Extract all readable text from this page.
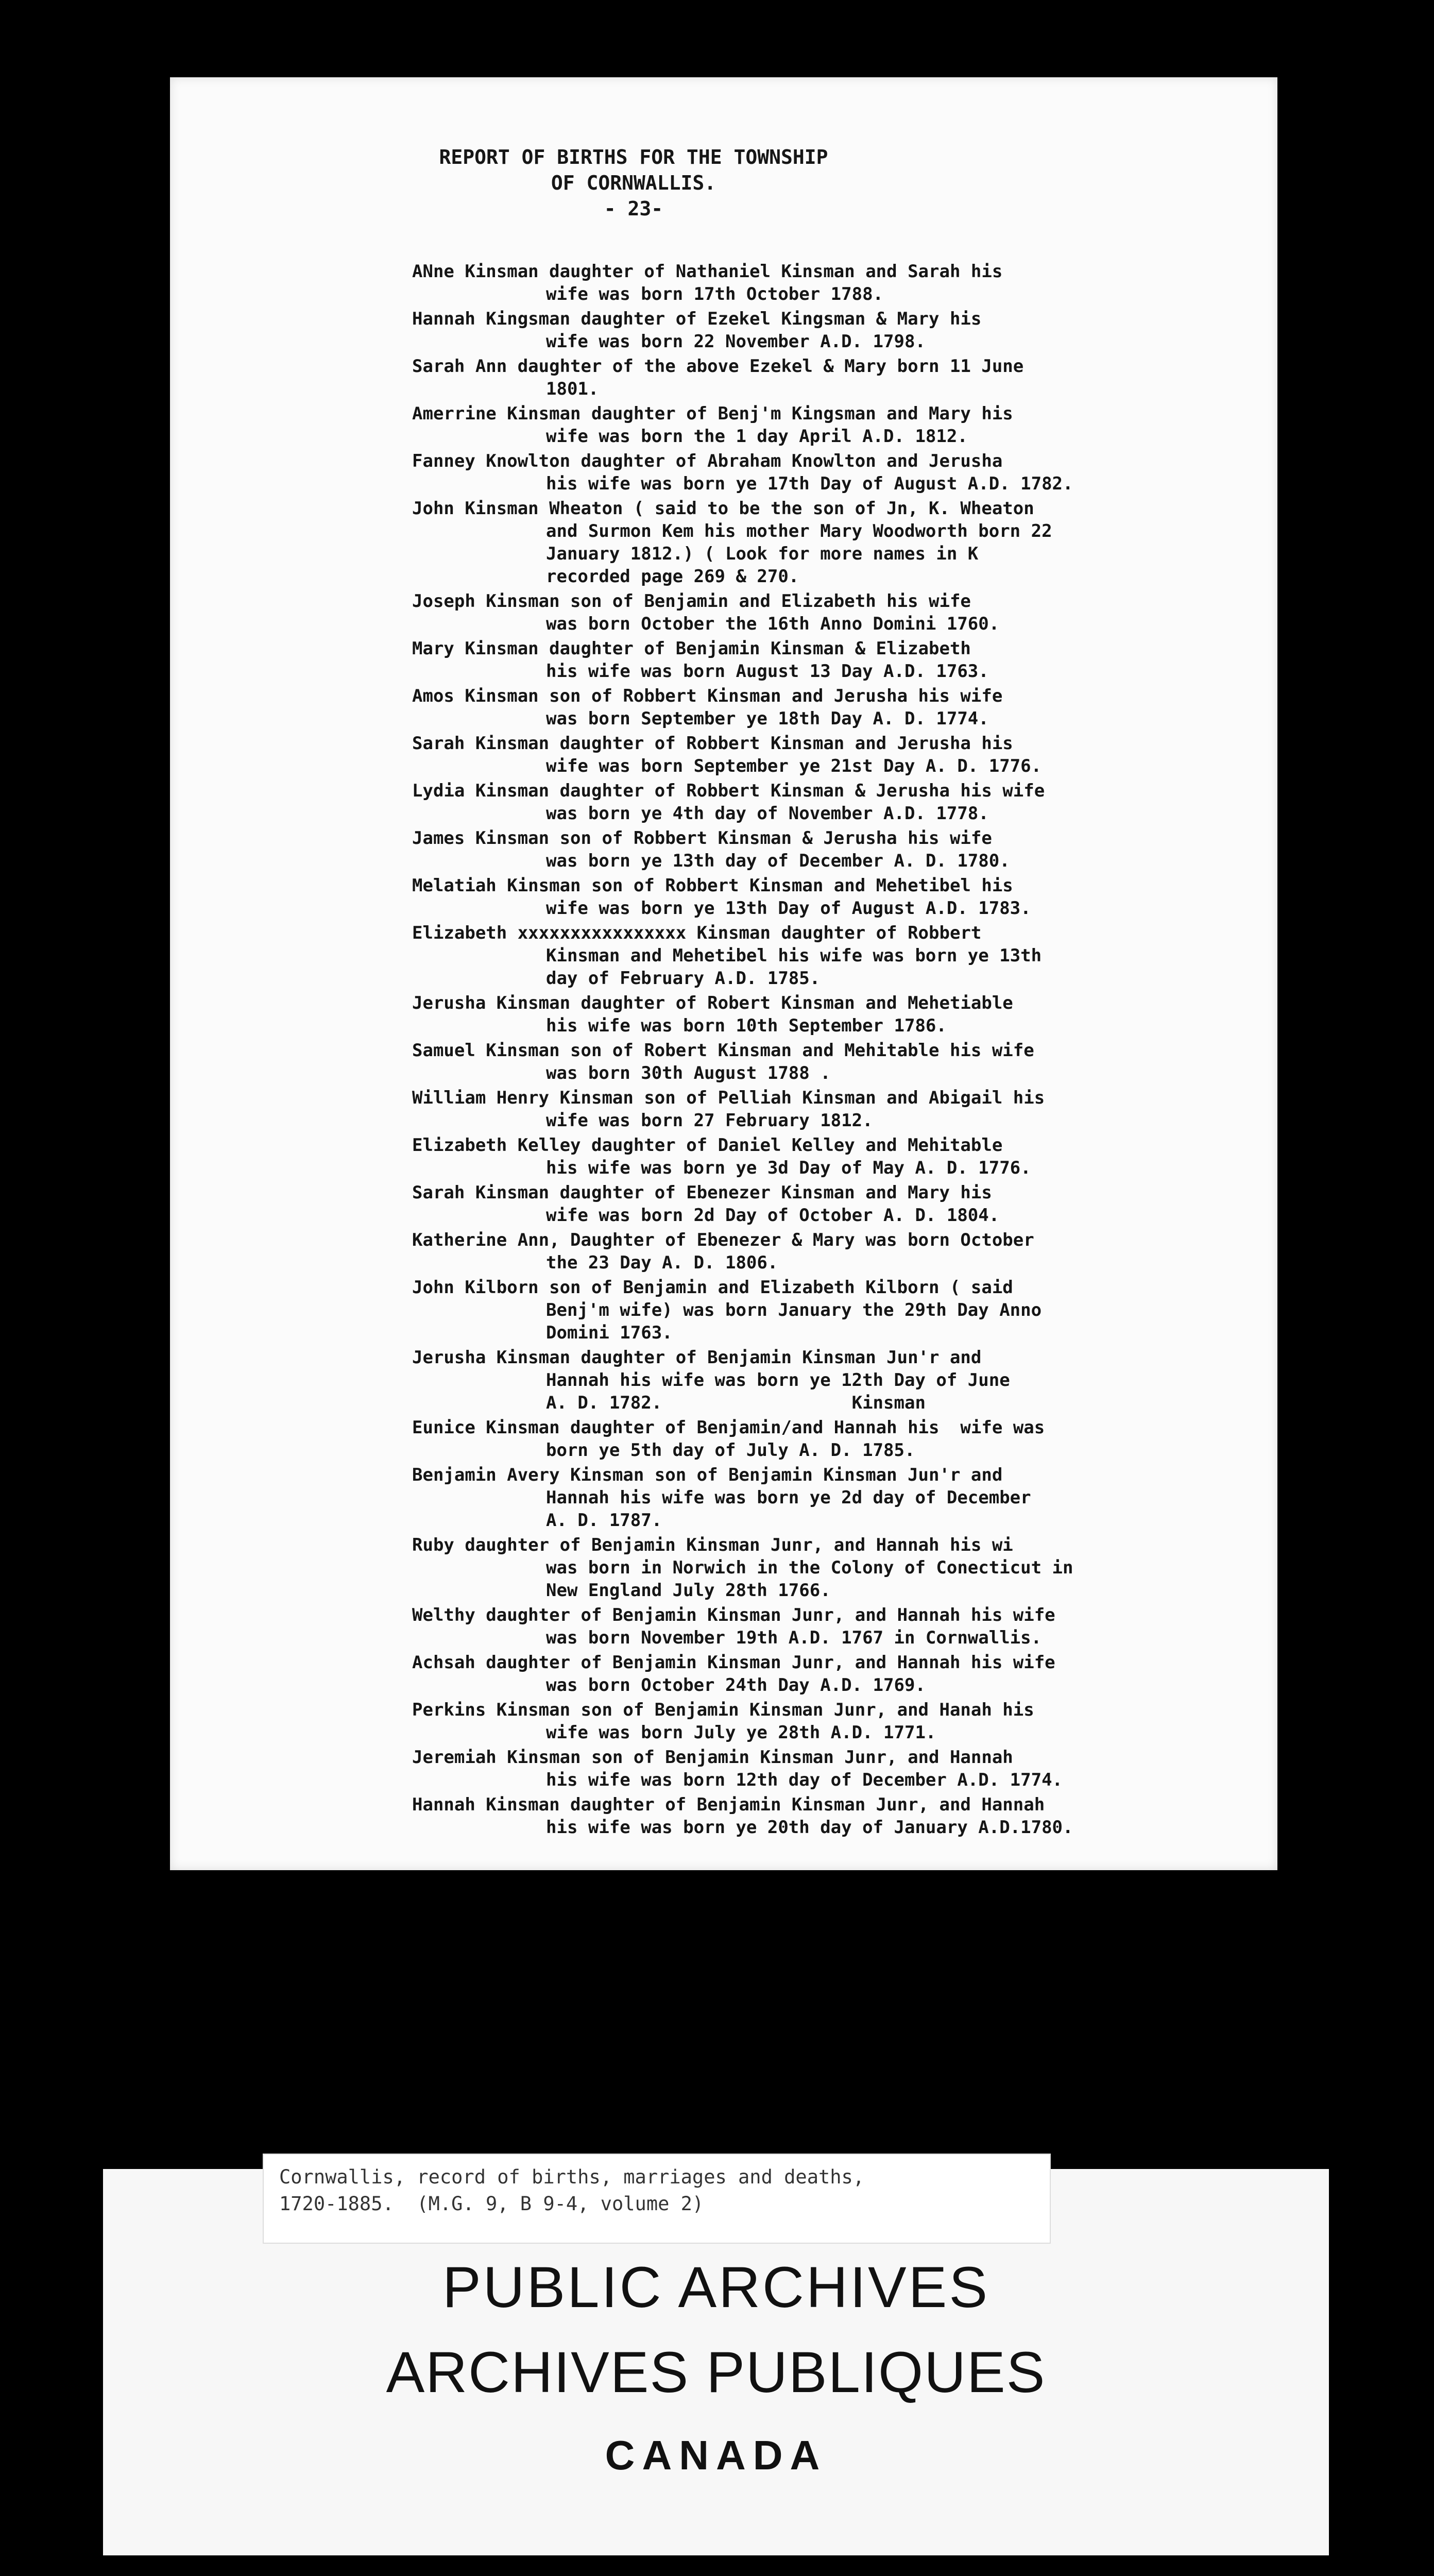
REPORT OF BIRTHS FOR THE TOWNSHIP
OF CORNWALLIS.
- 23-
ANne Kinsman daughter of Nathaniel Kinsman and Sarah his
wife was born 17th October 1788.
Hannah Kingsman daughter of Ezekel Kingsman & Mary his
wife was born 22 November A.D. 1798.
Sarah Ann daughter of the above Ezekel & Mary born 11 June
1801.
Amerrine Kinsman daughter of Benj'm Kingsman and Mary his
wife was born the 1 day April A.D. 1812.
Fanney Knowlton daughter of Abraham Knowlton and Jerusha
his wife was born ye 17th Day of August A.D. 1782.
John Kinsman Wheaton ( said to be the son of Jn, K. Wheaton
and Surmon Kem his mother Mary Woodworth born 22
January 1812.) ( Look for more names in K
recorded page 269 & 270.
Joseph Kinsman son of Benjamin and Elizabeth his wife
was born October the 16th Anno Domini 1760.
Mary Kinsman daughter of Benjamin Kinsman & Elizabeth
his wife was born August 13 Day A.D. 1763.
Amos Kinsman son of Robbert Kinsman and Jerusha his wife
was born September ye 18th Day A. D. 1774.
Sarah Kinsman daughter of Robbert Kinsman and Jerusha his
wife was born September ye 21st Day A. D. 1776.
Lydia Kinsman daughter of Robbert Kinsman & Jerusha his wife
was born ye 4th day of November A.D. 1778.
James Kinsman son of Robbert Kinsman & Jerusha his wife
was born ye 13th day of December A. D. 1780.
Melatiah Kinsman son of Robbert Kinsman and Mehetibel his
wife was born ye 13th Day of August A.D. 1783.
Elizabeth xxxxxxxxxxxxxxxx Kinsman daughter of Robbert
Kinsman and Mehetibel his wife was born ye 13th
day of February A.D. 1785.
Jerusha Kinsman daughter of Robert Kinsman and Mehetiable
his wife was born 10th September 1786.
Samuel Kinsman son of Robert Kinsman and Mehitable his wife
was born 30th August 1788 .
William Henry Kinsman son of Pelliah Kinsman and Abigail his
wife was born 27 February 1812.
Elizabeth Kelley daughter of Daniel Kelley and Mehitable
his wife was born ye 3d Day of May A. D. 1776.
Sarah Kinsman daughter of Ebenezer Kinsman and Mary his
wife was born 2d Day of October A. D. 1804.
Katherine Ann, Daughter of Ebenezer & Mary was born October
the 23 Day A. D. 1806.
John Kilborn son of Benjamin and Elizabeth Kilborn ( said
Benj'm wife) was born January the 29th Day Anno
Domini 1763.
Jerusha Kinsman daughter of Benjamin Kinsman Jun'r and
Hannah his wife was born ye 12th Day of June
A. D. 1782.                  Kinsman
Eunice Kinsman daughter of Benjamin/and Hannah his  wife was
born ye 5th day of July A. D. 1785.
Benjamin Avery Kinsman son of Benjamin Kinsman Jun'r and
Hannah his wife was born ye 2d day of December
A. D. 1787.
Ruby daughter of Benjamin Kinsman Junr, and Hannah his wi
was born in Norwich in the Colony of Conecticut in
New England July 28th 1766.
Welthy daughter of Benjamin Kinsman Junr, and Hannah his wife
was born November 19th A.D. 1767 in Cornwallis.
Achsah daughter of Benjamin Kinsman Junr, and Hannah his wife
was born October 24th Day A.D. 1769.
Perkins Kinsman son of Benjamin Kinsman Junr, and Hanah his
wife was born July ye 28th A.D. 1771.
Jeremiah Kinsman son of Benjamin Kinsman Junr, and Hannah
his wife was born 12th day of December A.D. 1774.
Hannah Kinsman daughter of Benjamin Kinsman Junr, and Hannah
his wife was born ye 20th day of January A.D.1780.
Cornwallis, record of births, marriages and deaths,
1720-1885.  (M.G. 9, B 9-4, volume 2)
PUBLIC ARCHIVES
ARCHIVES PUBLIQUES
CANADA
